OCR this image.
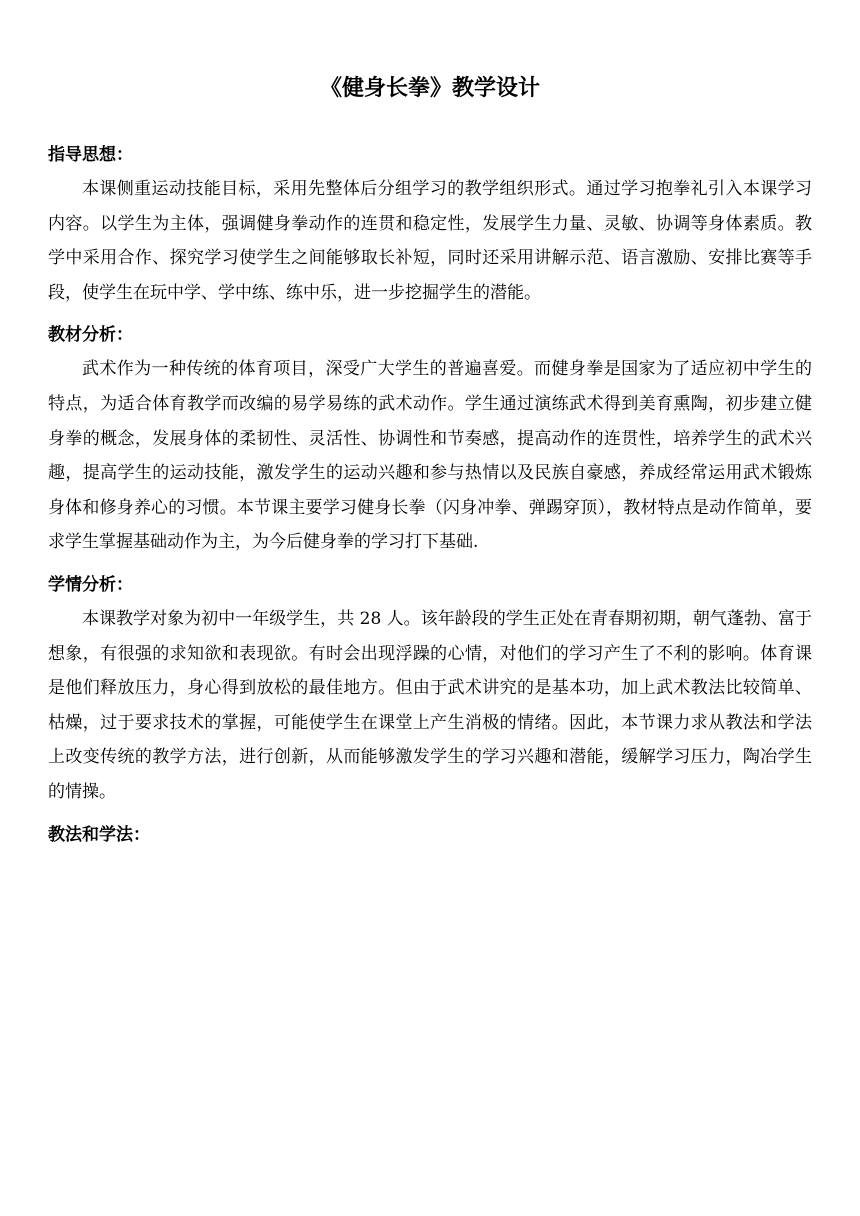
《健身长拳》教学设计

指导思想：

本课侧重运动技能目标，采用先整体后分组学习的教学组织形式。通过学习抱拳礼引入本课学习内容。以学生为主体，强调健身拳动作的连贯和稳定性，发展学生力量、灵敏、协调等身体素质。教学中采用合作、探究学习使学生之间能够取长补短，同时还采用讲解示范、语言激励、安排比赛等手段，使学生在玩中学、学中练、练中乐，进一步挖掘学生的潜能。

教材分析：

武术作为一种传统的体育项目，深受广大学生的普遍喜爱。而健身拳是国家为了适应初中学生的特点，为适合体育教学而改编的易学易练的武术动作。学生通过演练武术得到美育熏陶，初步建立健身拳的概念，发展身体的柔韧性、灵活性、协调性和节奏感，提高动作的连贯性，培养学生的武术兴趣，提高学生的运动技能，激发学生的运动兴趣和参与热情以及民族自豪感，养成经常运用武术锻炼身体和修身养心的习惯。本节课主要学习健身长拳（闪身冲拳、弹踢穿顶），教材特点是动作简单，要求学生掌握基础动作为主，为今后健身拳的学习打下基础.

学情分析：

本课教学对象为初中一年级学生，共 28 人。该年龄段的学生正处在青春期初期，朝气蓬勃、富于想象，有很强的求知欲和表现欲。有时会出现浮躁的心情，对他们的学习产生了不利的影响。体育课是他们释放压力，身心得到放松的最佳地方。但由于武术讲究的是基本功，加上武术教法比较简单、枯燥，过于要求技术的掌握，可能使学生在课堂上产生消极的情绪。因此，本节课力求从教法和学法上改变传统的教学方法，进行创新，从而能够激发学生的学习兴趣和潜能，缓解学习压力，陶冶学生的情操。

教法和学法：
